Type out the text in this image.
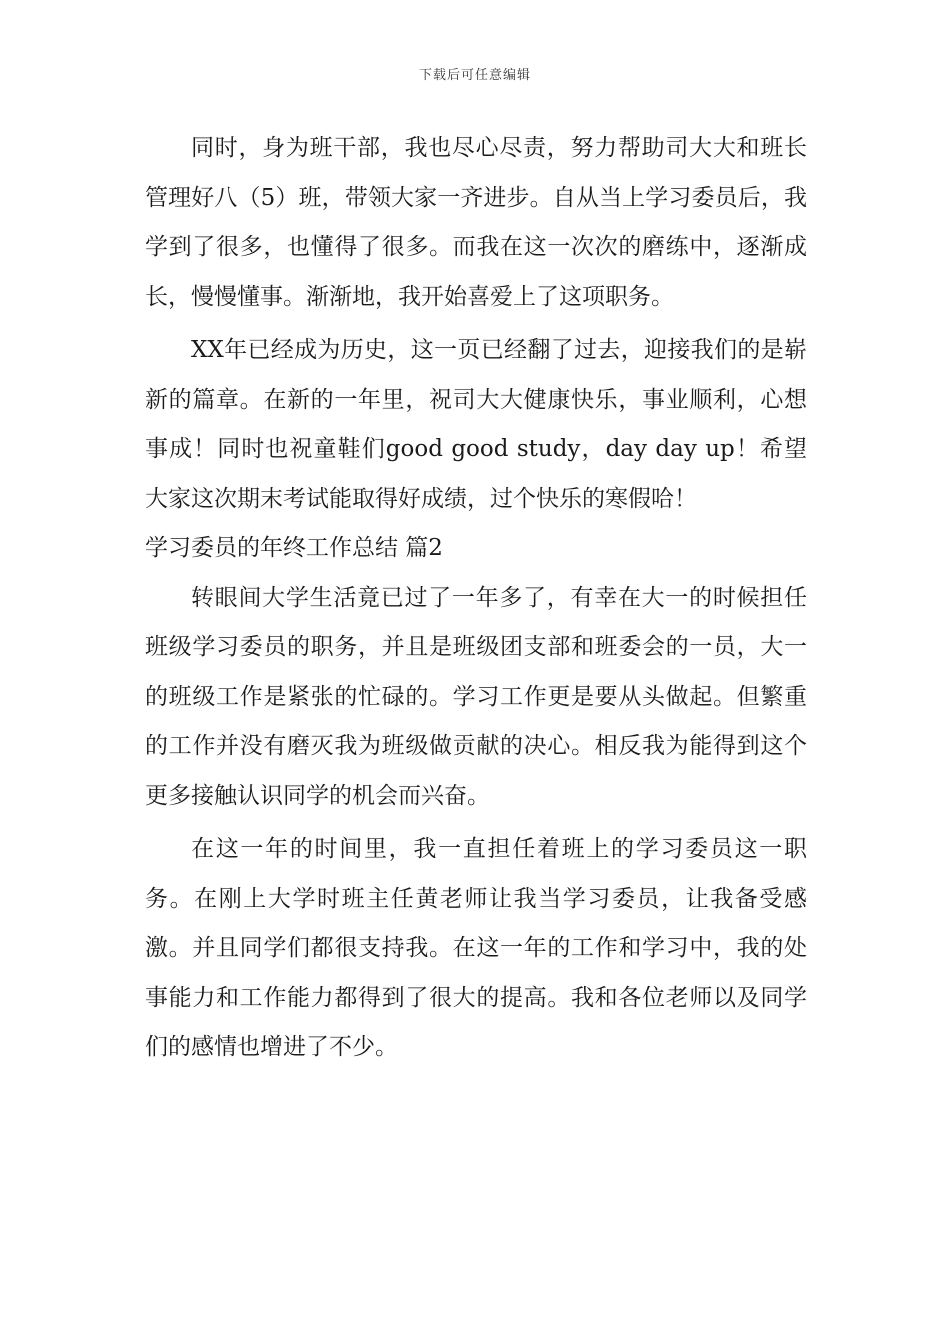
下载后可任意编辑

同时，身为班干部，我也尽心尽责，努力帮助司大大和班长管理好八（5）班，带领大家一齐进步。自从当上学习委员后，我学到了很多，也懂得了很多。而我在这一次次的磨练中，逐渐成长，慢慢懂事。渐渐地，我开始喜爱上了这项职务。

XX年已经成为历史，这一页已经翻了过去，迎接我们的是崭新的篇章。在新的一年里，祝司大大健康快乐，事业顺利，心想事成！同时也祝童鞋们good good study，day day up！希望大家这次期末考试能取得好成绩，过个快乐的寒假哈！

学习委员的年终工作总结 篇2

转眼间大学生活竟已过了一年多了，有幸在大一的时候担任班级学习委员的职务，并且是班级团支部和班委会的一员，大一的班级工作是紧张的忙碌的。学习工作更是要从头做起。但繁重的工作并没有磨灭我为班级做贡献的决心。相反我为能得到这个更多接触认识同学的机会而兴奋。

在这一年的时间里，我一直担任着班上的学习委员这一职务。在刚上大学时班主任黄老师让我当学习委员，让我备受感激。并且同学们都很支持我。在这一年的工作和学习中，我的处事能力和工作能力都得到了很大的提高。我和各位老师以及同学们的感情也增进了不少。
